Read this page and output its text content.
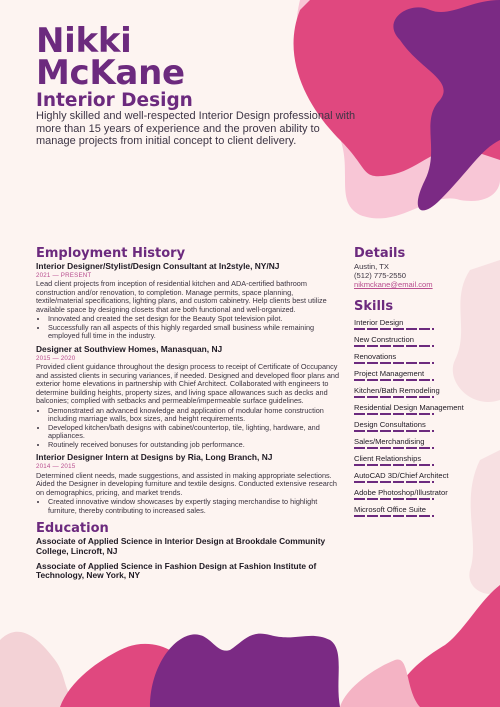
Nikki
McKane
Interior Design
Highly skilled and well-respected Interior Design professional with more than 15 years of experience and the proven ability to manage projects from initial concept to client delivery.
Employment History
Interior Designer/Stylist/Design Consultant at In2style, NY/NJ
2021 — PRESENT
Lead client projects from inception of residential kitchen and ADA-certified bathroom construction and/or renovation, to completion. Manage permits, space planning, textile/material specifications, lighting plans, and custom cabinetry. Help clients best utilize available space by designing closets that are both functional and well-organized.
• Innovated and created the set design for the Beauty Spot television pilot.
• Successfully ran all aspects of this highly regarded small business while remaining employed full time in the industry.
Designer at Southview Homes, Manasquan, NJ
2015 — 2020
Provided client guidance throughout the design process to receipt of Certificate of Occupancy and assisted clients in securing variances, if needed. Designed and developed floor plans and exterior home elevations in partnership with Chief Architect. Collaborated with engineers to determine building heights, property sizes, and living space allowances such as decks and balconies; complied with setbacks and permeable/impermeable surface guidelines.
• Demonstrated an advanced knowledge and application of modular home construction including marriage walls, box sizes, and height requirements.
• Developed kitchen/bath designs with cabinet/countertop, tile, lighting, hardware, and appliances.
• Routinely received bonuses for outstanding job performance.
Interior Designer Intern at Designs by Ria, Long Branch, NJ
2014 — 2015
Determined client needs, made suggestions, and assisted in making appropriate selections. Aided the Designer in developing furniture and textile designs. Conducted extensive research on demographics, pricing, and market trends.
• Created innovative window showcases by expertly staging merchandise to highlight furniture, thereby contributing to increased sales.
Education
Associate of Applied Science in Interior Design at Brookdale Community College, Lincroft, NJ
Associate of Applied Science in Fashion Design at Fashion Institute of Technology, New York, NY
Details
Austin, TX
(512) 775-2550
nikmckane@email.com
Skills
Interior Design
New Construction
Renovations
Project Management
Kitchen/Bath Remodeling
Residential Design Management
Design Consultations
Sales/Merchandising
Client Relationships
AutoCAD 3D/Chief Architect
Adobe Photoshop/Illustrator
Microsoft Office Suite
